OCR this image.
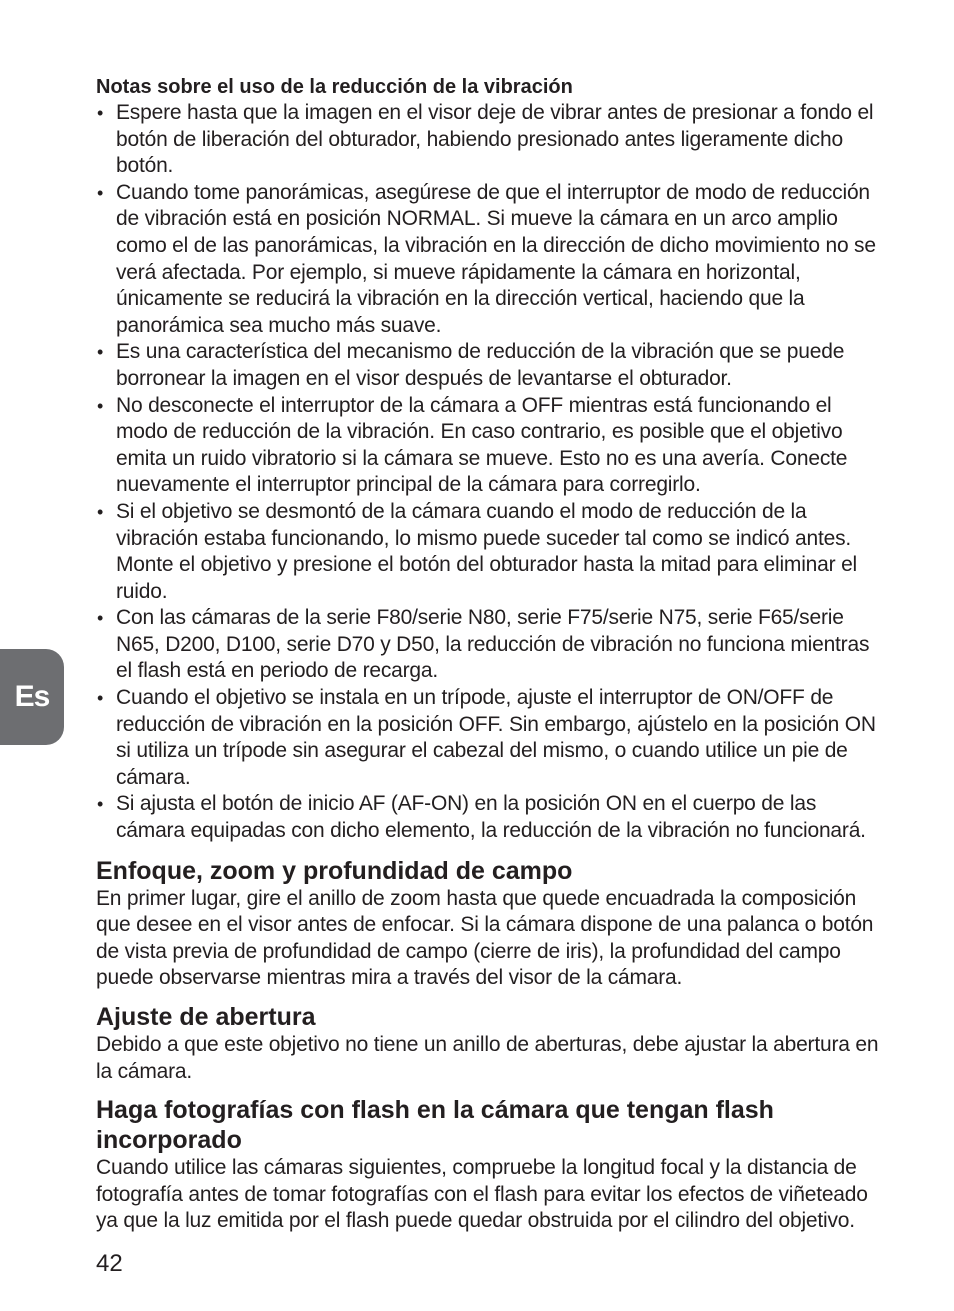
Es
Notas sobre el uso de la reducción de la vibración
• Espere hasta que la imagen en el visor deje de vibrar antes de presionar a fondo el botón de liberación del obturador, habiendo presionado antes ligeramente dicho botón.
• Cuando tome panorámicas, asegúrese de que el interruptor de modo de reducción de vibración está en posición NORMAL. Si mueve la cámara en un arco amplio como el de las panorámicas, la vibración en la dirección de dicho movimiento no se verá afectada. Por ejemplo, si mueve rápidamente la cámara en horizontal, únicamente se reducirá la vibración en la dirección vertical, haciendo que la panorámica sea mucho más suave.
• Es una característica del mecanismo de reducción de la vibración que se puede borronear la imagen en el visor después de levantarse el obturador.
• No desconecte el interruptor de la cámara a OFF mientras está funcionando el modo de reducción de la vibración. En caso contrario, es posible que el objetivo emita un ruido vibratorio si la cámara se mueve. Esto no es una avería. Conecte nuevamente el interruptor principal de la cámara para corregirlo.
• Si el objetivo se desmontó de la cámara cuando el modo de reducción de la vibración estaba funcionando, lo mismo puede suceder tal como se indicó antes. Monte el objetivo y presione el botón del obturador hasta la mitad para eliminar el ruido.
• Con las cámaras de la serie F80/serie N80, serie F75/serie N75, serie F65/serie N65, D200, D100, serie D70 y D50, la reducción de vibración no funciona mientras el flash está en periodo de recarga.
• Cuando el objetivo se instala en un trípode, ajuste el interruptor de ON/OFF de reducción de vibración en la posición OFF. Sin embargo, ajústelo en la posición ON si utiliza un trípode sin asegurar el cabezal del mismo, o cuando utilice un pie de cámara.
• Si ajusta el botón de inicio AF (AF-ON) en la posición ON en el cuerpo de las cámara equipadas con dicho elemento, la reducción de la vibración no funcionará.
Enfoque, zoom y profundidad de campo

En primer lugar, gire el anillo de zoom hasta que quede encuadrada la composición que desee en el visor antes de enfocar. Si la cámara dispone de una palanca o botón de vista previa de profundidad de campo (cierre de iris), la profundidad del campo puede observarse mientras mira a través del visor de la cámara.

Ajuste de abertura

Debido a que este objetivo no tiene un anillo de aberturas, debe ajustar la abertura en la cámara.

Haga fotografías con flash en la cámara que tengan flash incorporado

Cuando utilice las cámaras siguientes, compruebe la longitud focal y la distancia de fotografía antes de tomar fotografías con el flash para evitar los efectos de viñeteado ya que la luz emitida por el flash puede quedar obstruida por el cilindro del objetivo.

42
